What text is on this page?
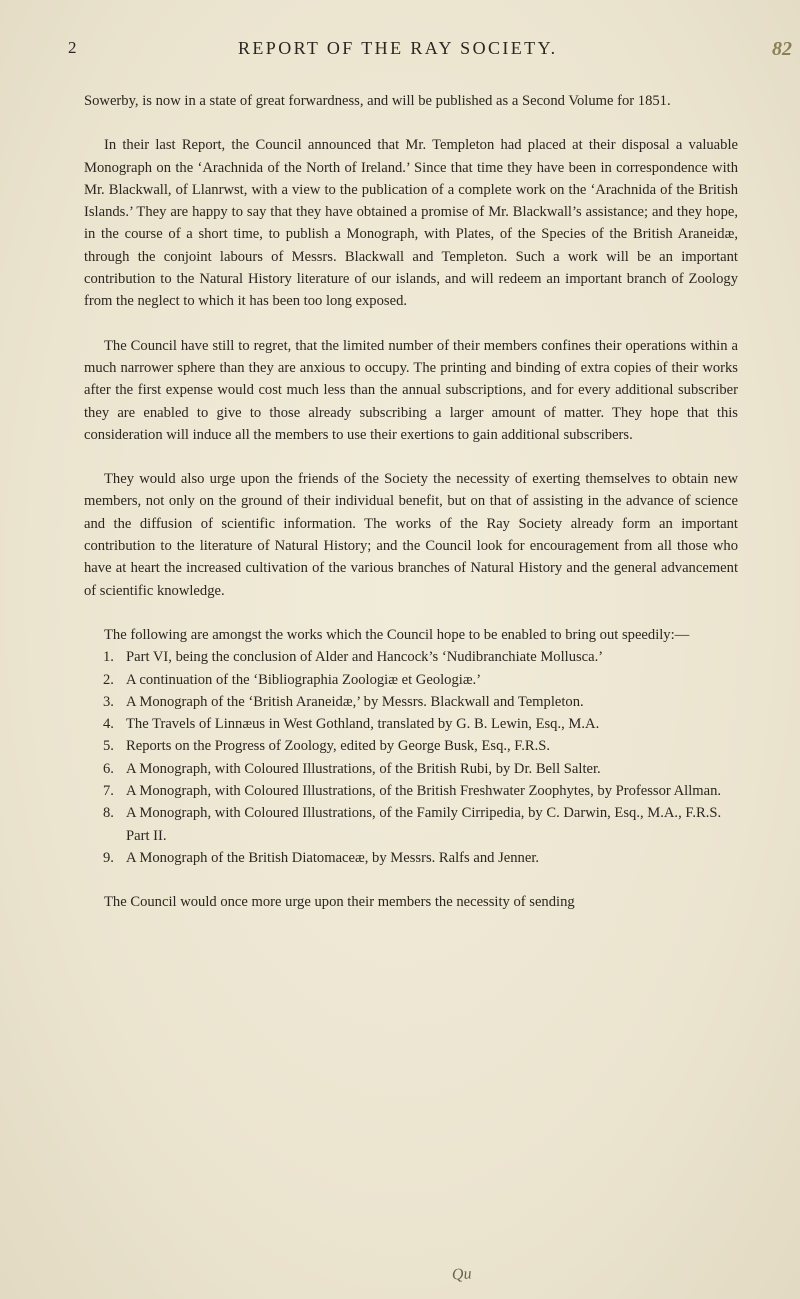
2	REPORT OF THE RAY SOCIETY.	82

Sowerby, is now in a state of great forwardness, and will be published as a Second Volume for 1851.

In their last Report, the Council announced that Mr. Templeton had placed at their disposal a valuable Monograph on the ‘Arachnida of the North of Ireland.’ Since that time they have been in correspondence with Mr. Blackwall, of Llanrwst, with a view to the publication of a complete work on the ‘Arachnida of the British Islands.’ They are happy to say that they have obtained a promise of Mr. Blackwall’s assistance; and they hope, in the course of a short time, to publish a Monograph, with Plates, of the Species of the British Araneidæ, through the conjoint labours of Messrs. Blackwall and Templeton. Such a work will be an important contribution to the Natural History literature of our islands, and will redeem an important branch of Zoology from the neglect to which it has been too long exposed.

The Council have still to regret, that the limited number of their members confines their operations within a much narrower sphere than they are anxious to occupy. The printing and binding of extra copies of their works after the first expense would cost much less than the annual subscriptions, and for every additional subscriber they are enabled to give to those already subscribing a larger amount of matter. They hope that this consideration will induce all the members to use their exertions to gain additional subscribers.

They would also urge upon the friends of the Society the necessity of exerting themselves to obtain new members, not only on the ground of their individual benefit, but on that of assisting in the advance of science and the diffusion of scientific information. The works of the Ray Society already form an important contribution to the literature of Natural History; and the Council look for encouragement from all those who have at heart the increased cultivation of the various branches of Natural History and the general advancement of scientific knowledge.

The following are amongst the works which the Council hope to be enabled to bring out speedily:—

1. Part VI, being the conclusion of Alder and Hancock’s ‘Nudibranchiate Mollusca.’
2. A continuation of the ‘Bibliographia Zoologiæ et Geologiæ.’
3. A Monograph of the ‘British Araneidæ,’ by Messrs. Blackwall and Templeton.
4. The Travels of Linnæus in West Gothland, translated by G. B. Lewin, Esq., M.A.
5. Reports on the Progress of Zoology, edited by George Busk, Esq., F.R.S.
6. A Monograph, with Coloured Illustrations, of the British Rubi, by Dr. Bell Salter.
7. A Monograph, with Coloured Illustrations, of the British Freshwater Zoophytes, by Professor Allman.
8. A Monograph, with Coloured Illustrations, of the Family Cirripedia, by C. Darwin, Esq., M.A., F.R.S. Part II.
9. A Monograph of the British Diatomaceæ, by Messrs. Ralfs and Jenner.

The Council would once more urge upon their members the necessity of sending

Qu
